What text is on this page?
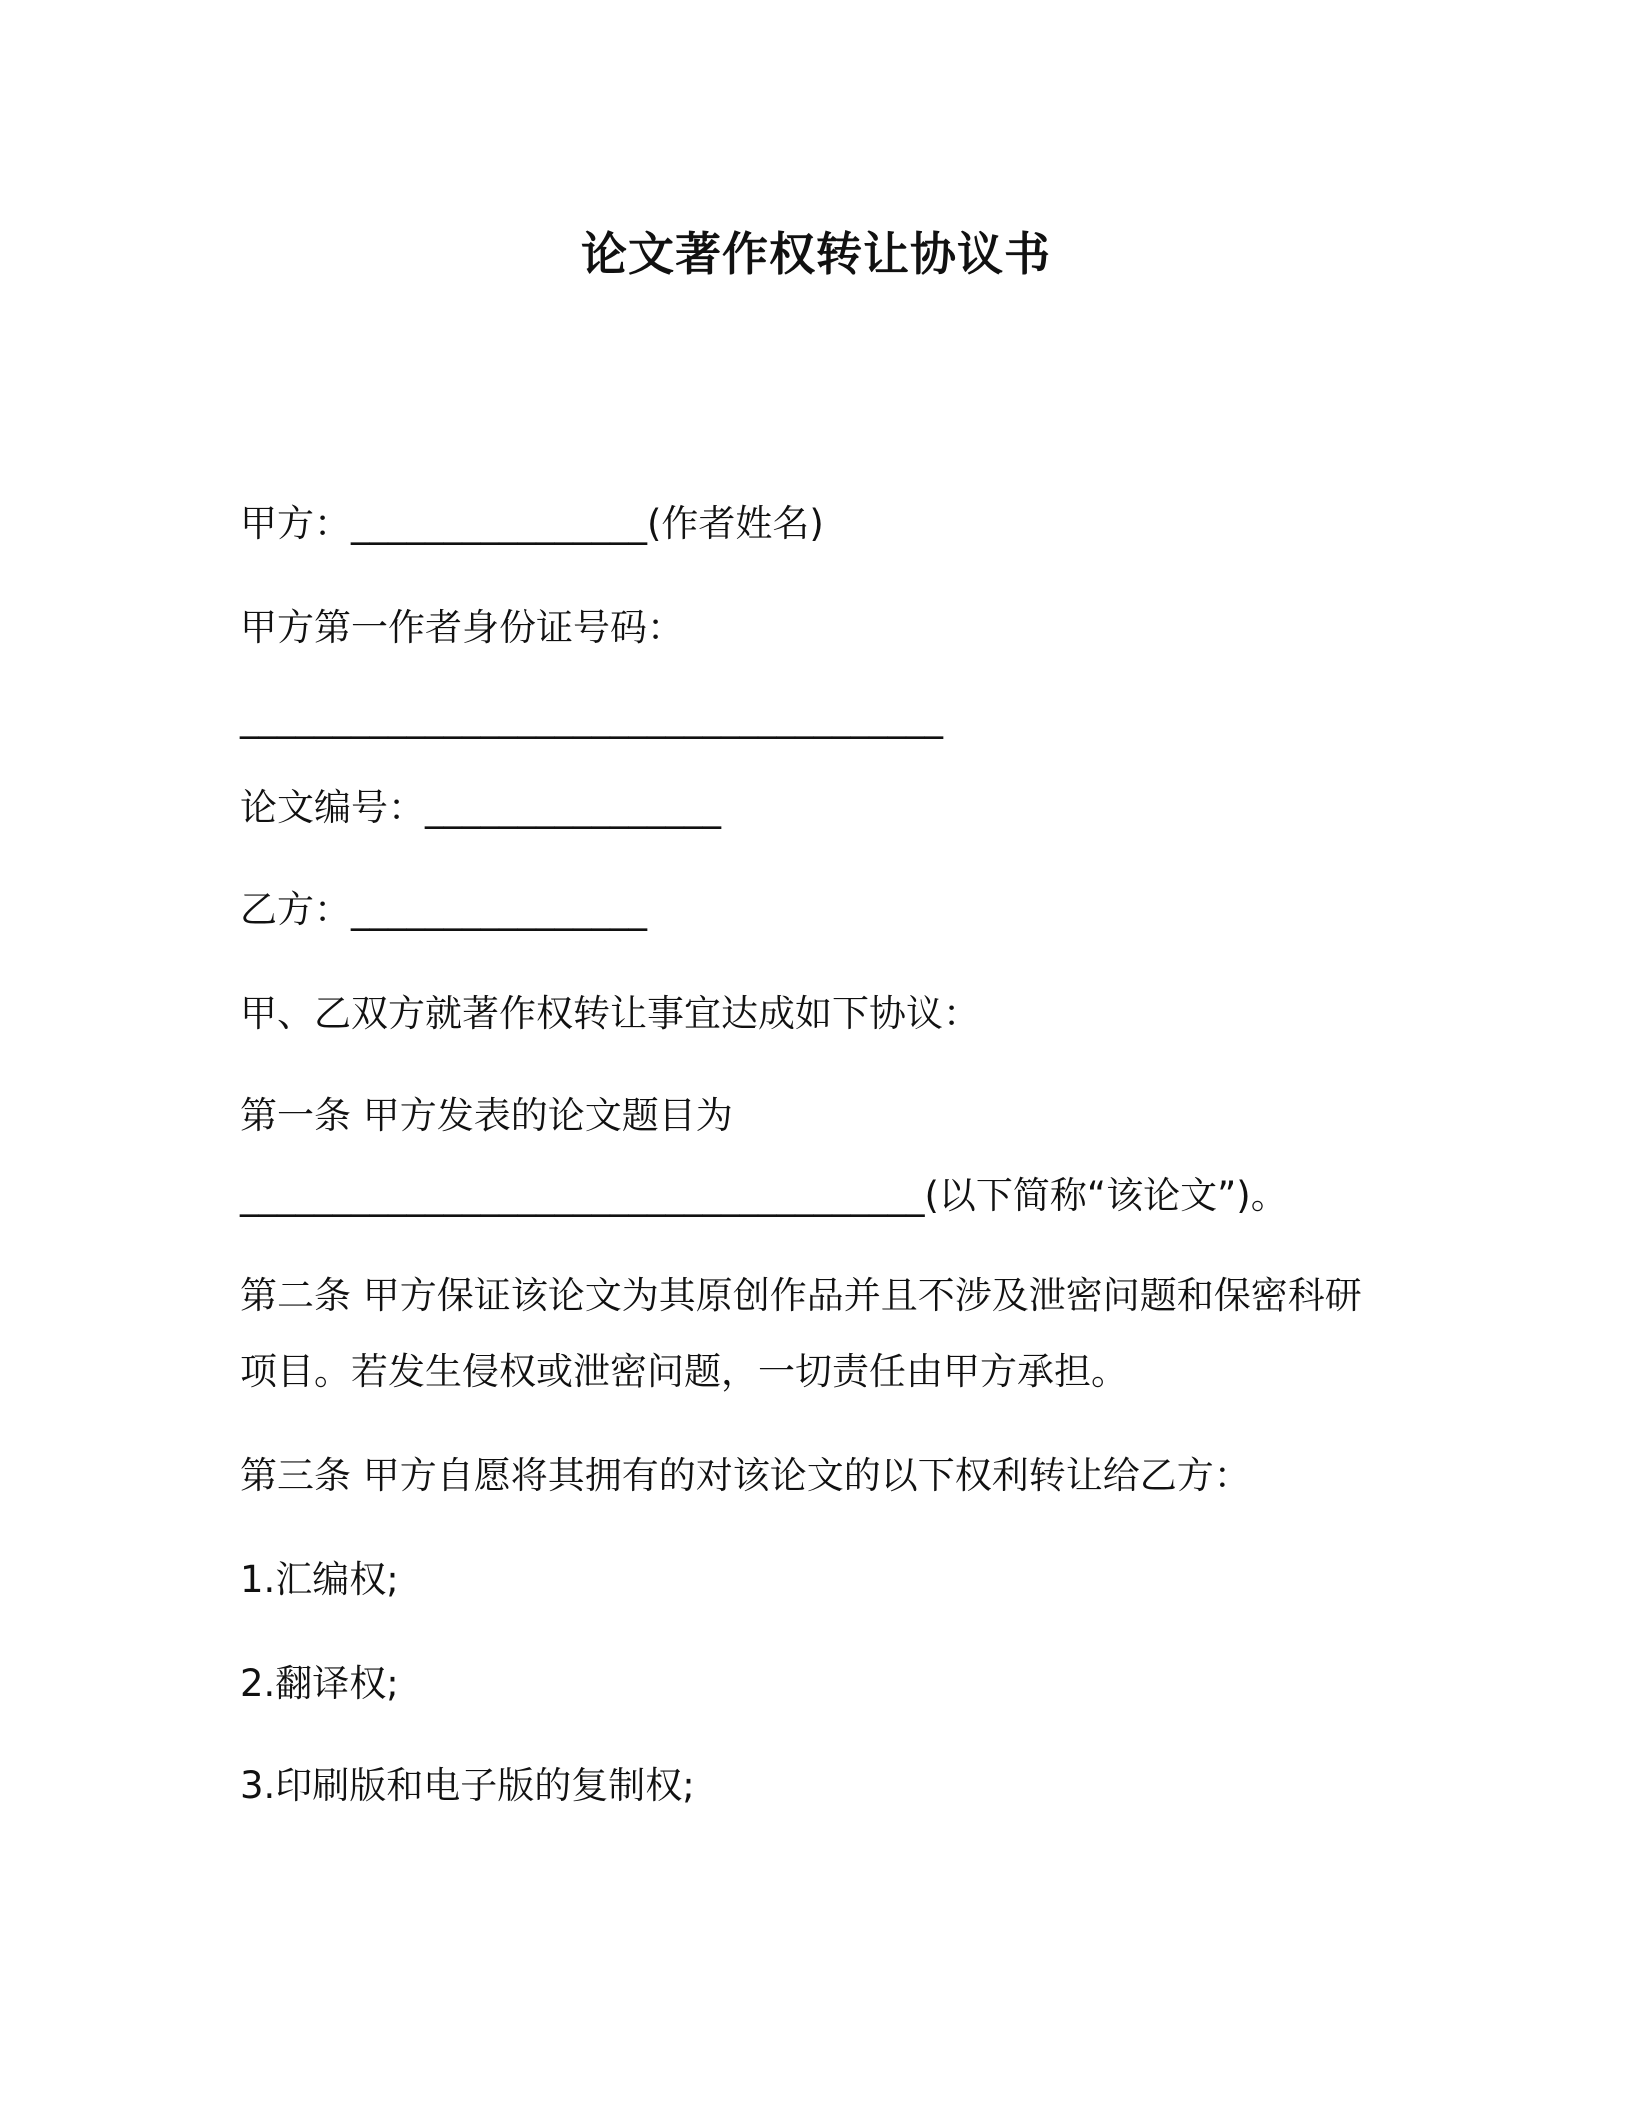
论文著作权转让协议书
甲方：________________(作者姓名)
甲方第一作者身份证号码：
______________________________________
论文编号：________________
乙方：________________
甲、乙双方就著作权转让事宜达成如下协议：
第一条 甲方发表的论文题目为
_____________________________________(以下简称“该论文”)。
第二条 甲方保证该论文为其原创作品并且不涉及泄密问题和保密科研
项目。若发生侵权或泄密问题，一切责任由甲方承担。
第三条 甲方自愿将其拥有的对该论文的以下权利转让给乙方：
1.汇编权;
2.翻译权;
3.印刷版和电子版的复制权;
